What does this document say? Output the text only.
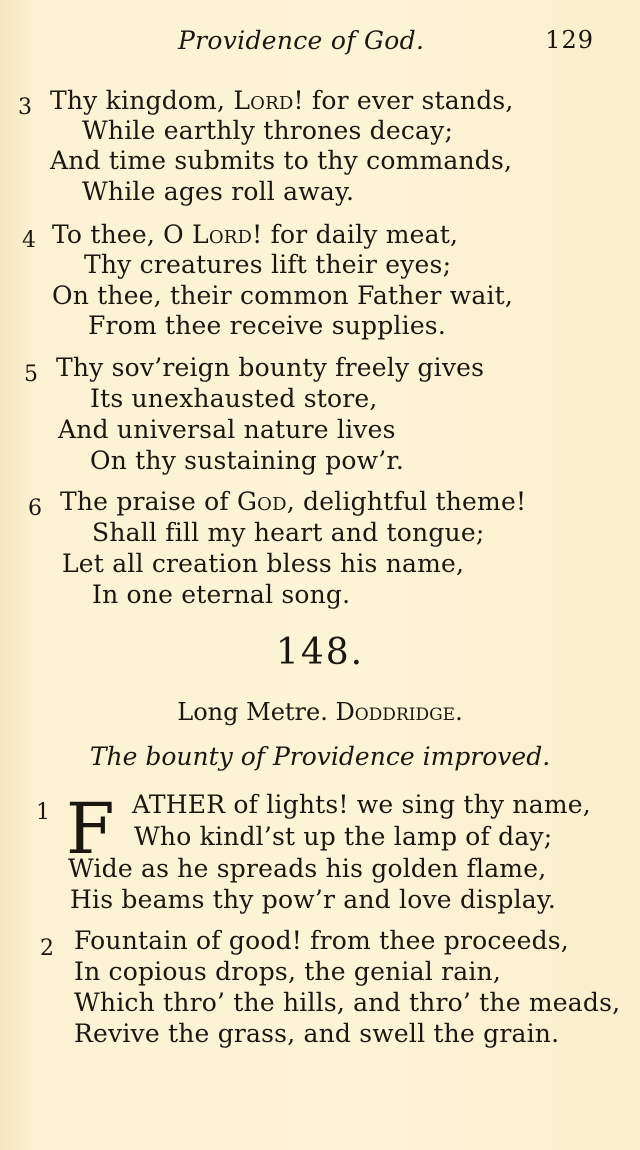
Providence of God.	129
3 Thy kingdom, Lord! for ever stands,
While earthly thrones decay;
And time submits to thy commands,
While ages roll away.
4 To thee, O Lord! for daily meat,
Thy creatures lift their eyes;
On thee, their common Father wait,
From thee receive supplies.
5 Thy sov’reign bounty freely gives
Its unexhausted store,
And universal nature lives
On thy sustaining pow’r.
6 The praise of God, delightful theme!
Shall fill my heart and tongue;
Let all creation bless his name,
In one eternal song.
148.
Long Metre. Doddridge.
The bounty of Providence improved.
1 F ATHER of lights! we sing thy name,
Who kindl’st up the lamp of day;
Wide as he spreads his golden flame,
His beams thy pow’r and love display.
2 Fountain of good! from thee proceeds,
In copious drops, the genial rain,
Which thro’ the hills, and thro’ the meads,
Revive the grass, and swell the grain.
